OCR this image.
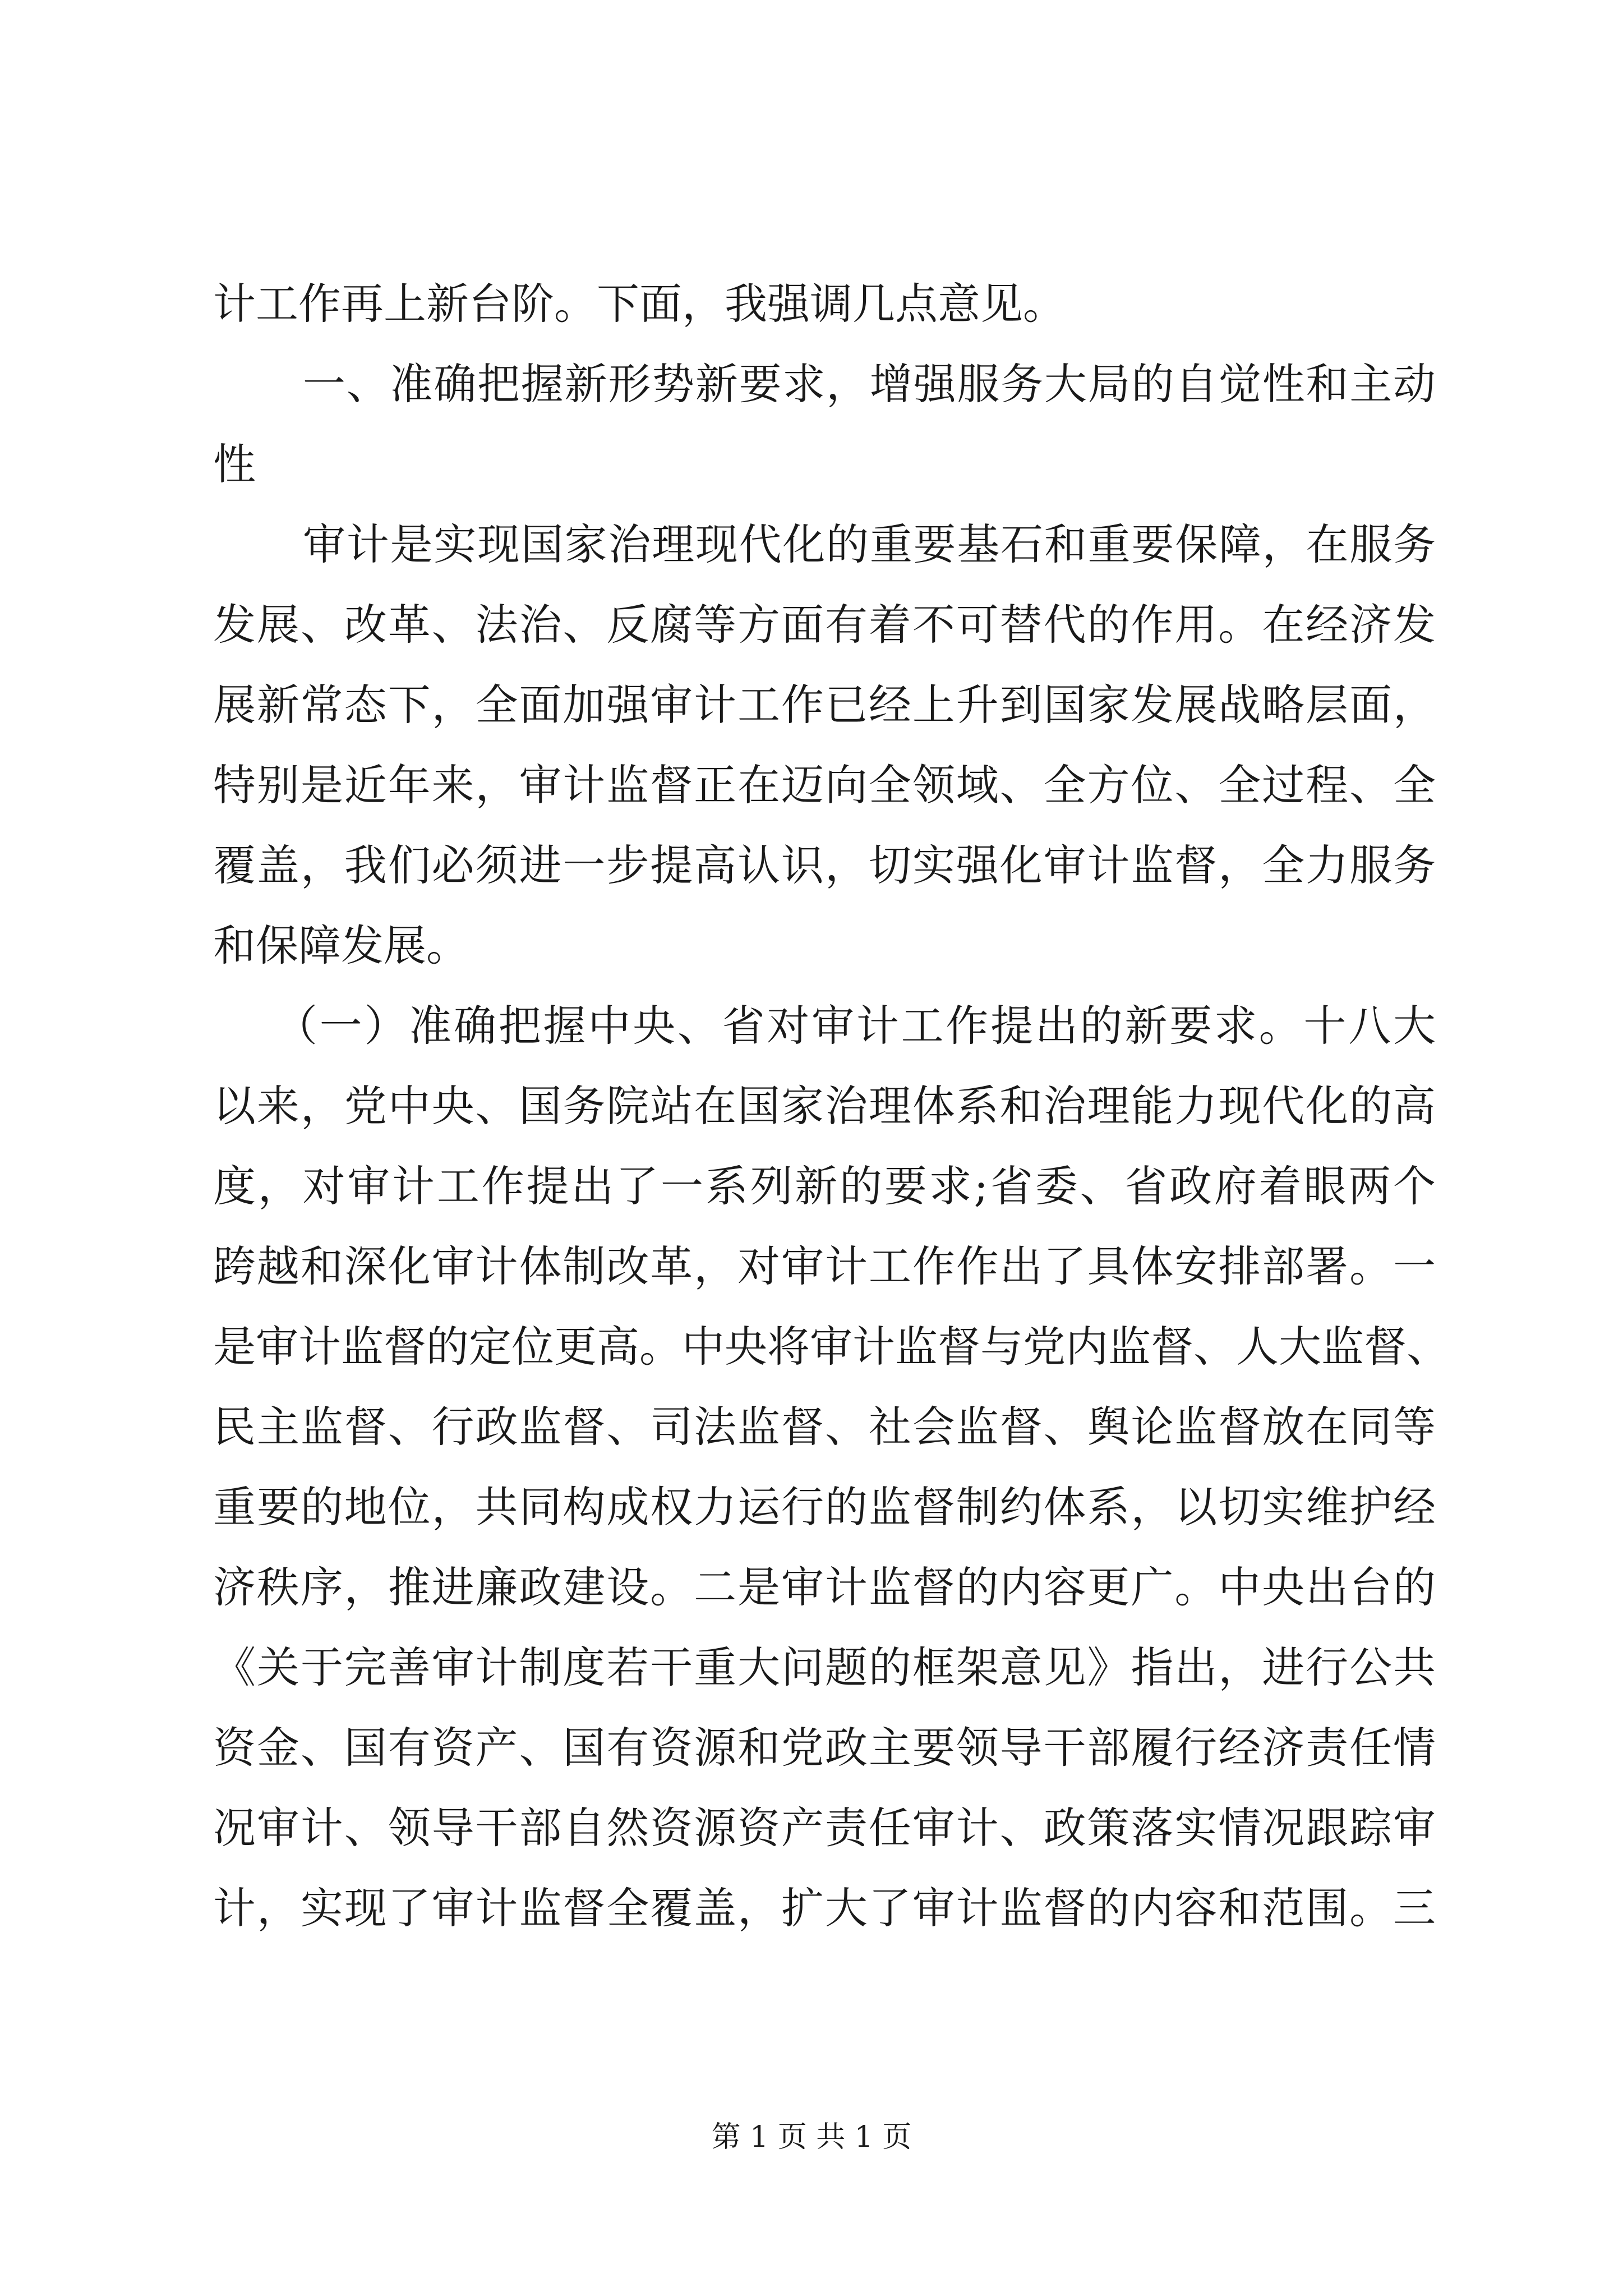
计工作再上新台阶。下面，我强调几点意见。
一、准确把握新形势新要求，增强服务大局的自觉性和主动
性
审计是实现国家治理现代化的重要基石和重要保障，在服务
发展、改革、法治、反腐等方面有着不可替代的作用。在经济发
展新常态下，全面加强审计工作已经上升到国家发展战略层面，
特别是近年来，审计监督正在迈向全领域、全方位、全过程、全
覆盖，我们必须进一步提高认识，切实强化审计监督，全力服务
和保障发展。
（一）准确把握中央、省对审计工作提出的新要求。十八大
以来，党中央、国务院站在国家治理体系和治理能力现代化的高
度，对审计工作提出了一系列新的要求;省委、省政府着眼两个
跨越和深化审计体制改革，对审计工作作出了具体安排部署。一
是审计监督的定位更高。中央将审计监督与党内监督、人大监督、
民主监督、行政监督、司法监督、社会监督、舆论监督放在同等
重要的地位，共同构成权力运行的监督制约体系，以切实维护经
济秩序，推进廉政建设。二是审计监督的内容更广。中央出台的
《关于完善审计制度若干重大问题的框架意见》指出，进行公共
资金、国有资产、国有资源和党政主要领导干部履行经济责任情
况审计、领导干部自然资源资产责任审计、政策落实情况跟踪审
计，实现了审计监督全覆盖，扩大了审计监督的内容和范围。三
第 1 页 共 1 页
